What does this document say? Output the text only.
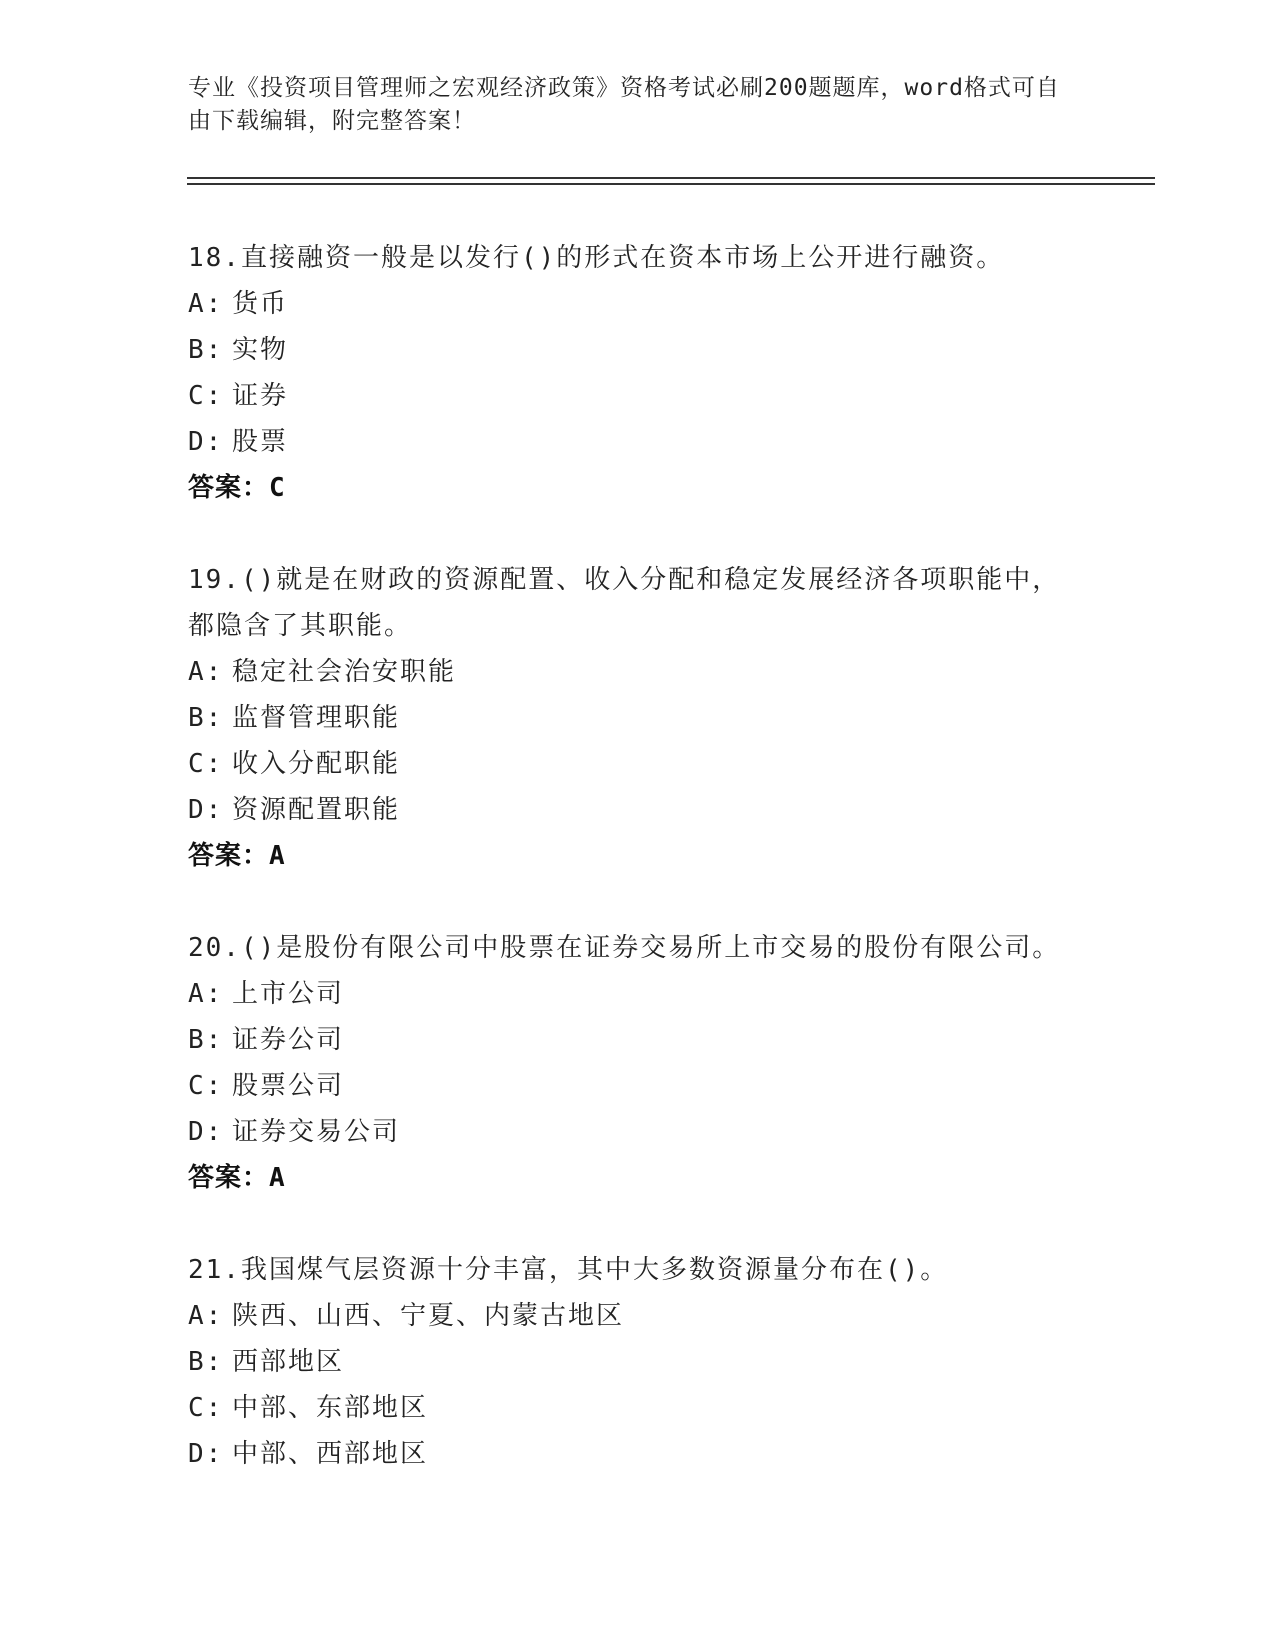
专业《投资项目管理师之宏观经济政策》资格考试必刷200题题库，word格式可自由下载编辑，附完整答案！
18.直接融资一般是以发行()的形式在资本市场上公开进行融资。
A: 货币
B: 实物
C: 证券
D: 股票
答案：C
19.()就是在财政的资源配置、收入分配和稳定发展经济各项职能中，都隐含了其职能。
A: 稳定社会治安职能
B: 监督管理职能
C: 收入分配职能
D: 资源配置职能
答案：A
20.()是股份有限公司中股票在证券交易所上市交易的股份有限公司。
A: 上市公司
B: 证券公司
C: 股票公司
D: 证券交易公司
答案：A
21.我国煤气层资源十分丰富，其中大多数资源量分布在()。
A: 陕西、山西、宁夏、内蒙古地区
B: 西部地区
C: 中部、东部地区
D: 中部、西部地区
